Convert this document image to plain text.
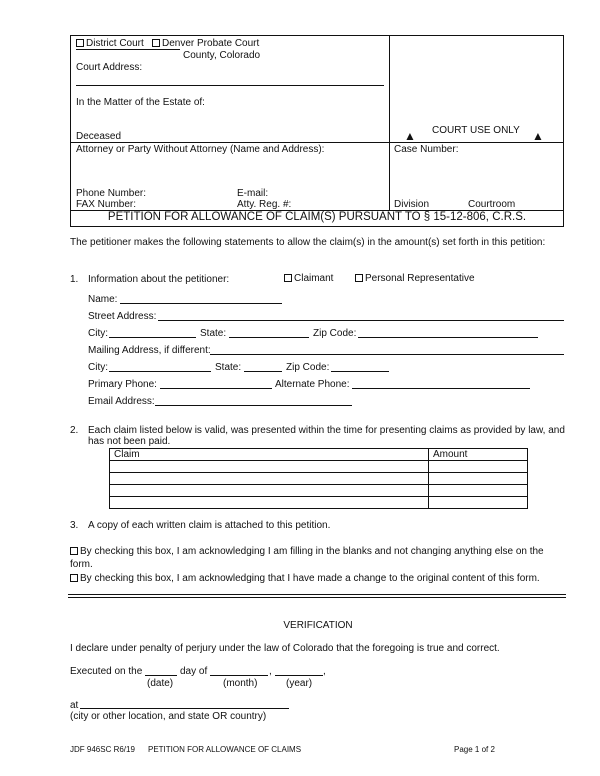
District Court	Denver Probate Court
County, Colorado
Court Address:
In the Matter of the Estate of:
Deceased	▲ COURT USE ONLY ▲
Attorney or Party Without Attorney (Name and Address):	Case Number:
Phone Number:	E-mail:
FAX Number:	Atty. Reg. #:	Division	Courtroom
PETITION FOR ALLOWANCE OF CLAIM(S) PURSUANT TO § 15-12-806, C.R.S.
The petitioner makes the following statements to allow the claim(s) in the amount(s) set forth in this petition:
1. Information about the petitioner:	Claimant	Personal Representative
Name:
Street Address:
City:	State:	Zip Code:
Mailing Address, if different:
City:	State:	Zip Code:
Primary Phone:	Alternate Phone:
Email Address:
2. Each claim listed below is valid, was presented within the time for presenting claims as provided by law, and has not been paid.
Claim	Amount

3. A copy of each written claim is attached to this petition.
By checking this box, I am acknowledging I am filling in the blanks and not changing anything else on the form.
By checking this box, I am acknowledging that I have made a change to the original content of this form.
VERIFICATION
I declare under penalty of perjury under the law of Colorado that the foregoing is true and correct.
Executed on the	day of	,	,
(date)	(month)	(year)
at
(city or other location, and state OR country)
JDF 946SC R6/19 PETITION FOR ALLOWANCE OF CLAIMS	Page 1 of 2
